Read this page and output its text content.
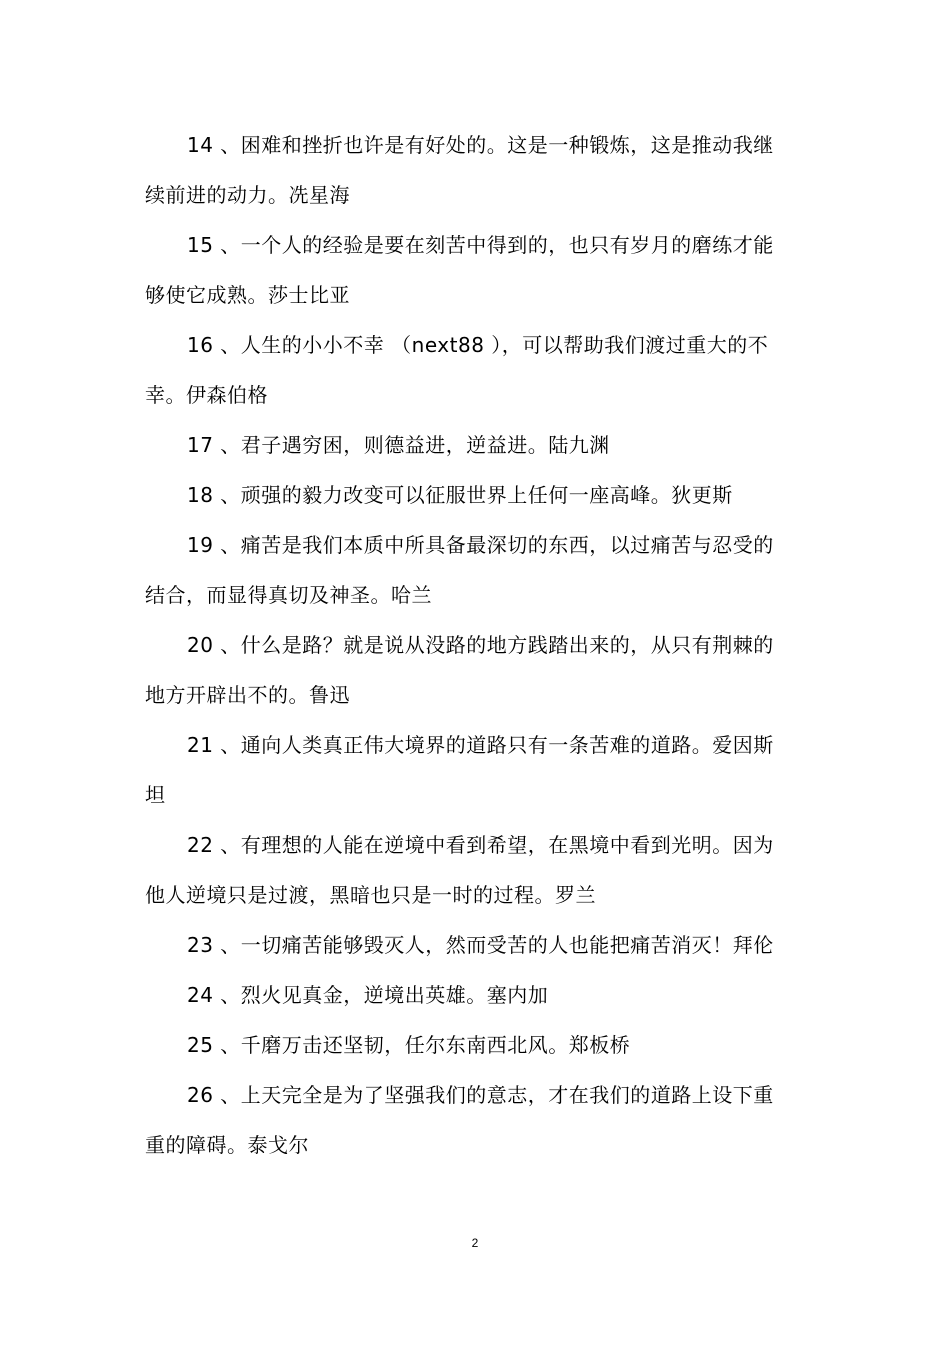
14 、困难和挫折也许是有好处的。这是一种锻炼，这是推动我继续前进的动力。冼星海

15 、一个人的经验是要在刻苦中得到的，也只有岁月的磨练才能够使它成熟。莎士比亚

16 、人生的小小不幸 （next88 ），可以帮助我们渡过重大的不幸。伊森伯格

17 、君子遇穷困，则德益进，逆益进。陆九渊

18 、顽强的毅力改变可以征服世界上任何一座高峰。狄更斯

19 、痛苦是我们本质中所具备最深切的东西，以过痛苦与忍受的结合，而显得真切及神圣。哈兰

20 、什么是路？就是说从没路的地方践踏出来的，从只有荆棘的地方开辟出不的。鲁迅

21 、通向人类真正伟大境界的道路只有一条苦难的道路。爱因斯坦

22 、有理想的人能在逆境中看到希望，在黑境中看到光明。因为他人逆境只是过渡，黑暗也只是一时的过程。罗兰

23 、一切痛苦能够毁灭人，然而受苦的人也能把痛苦消灭！拜伦

24 、烈火见真金，逆境出英雄。塞内加

25 、千磨万击还坚韧，任尔东南西北风。郑板桥

26 、上天完全是为了坚强我们的意志，才在我们的道路上设下重重的障碍。泰戈尔

2
